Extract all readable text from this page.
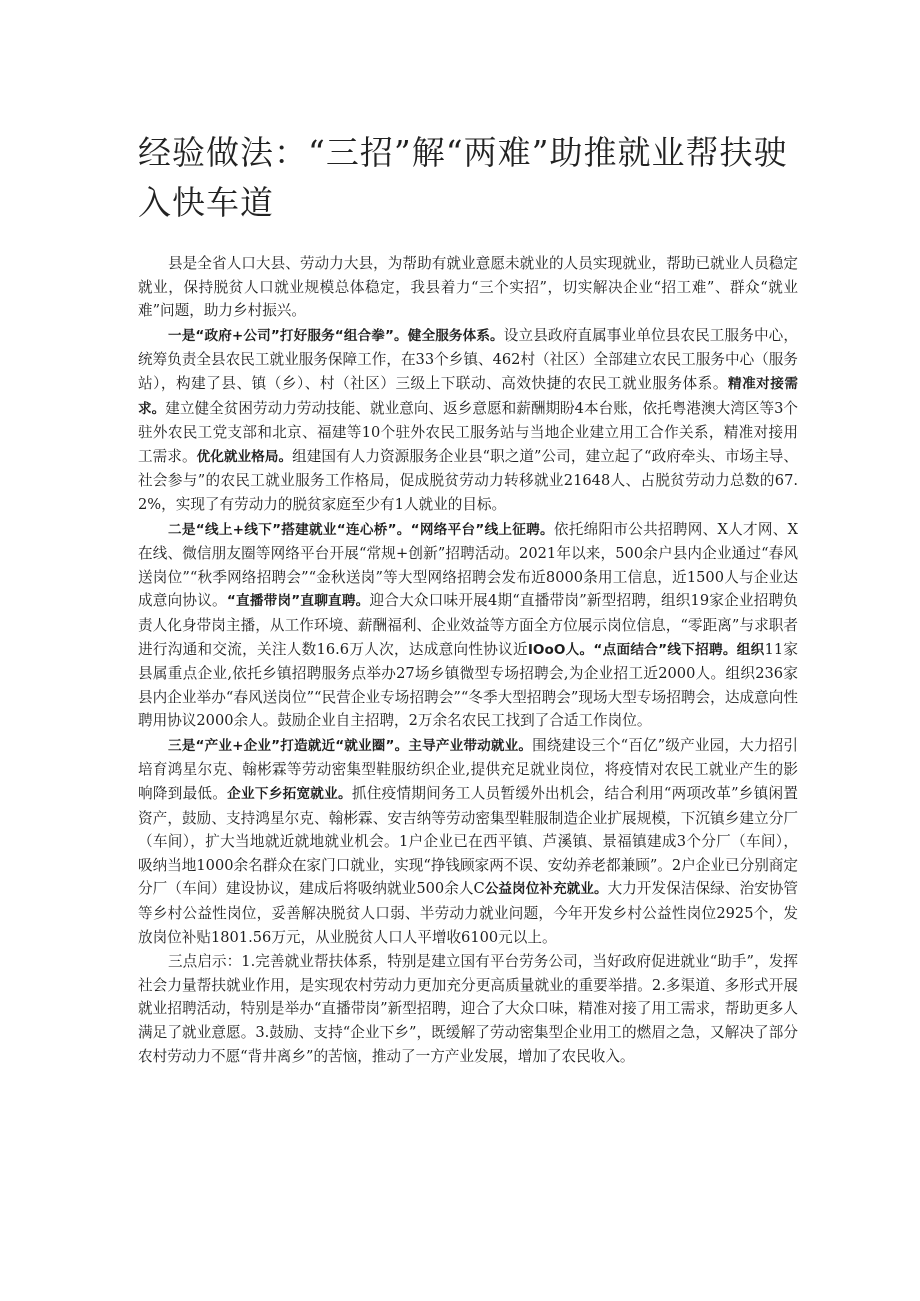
经验做法：“三招”解“两难”助推就业帮扶驶入快车道

县是全省人口大县、劳动力大县，为帮助有就业意愿未就业的人员实现就业，帮助已就业人员稳定就业，保持脱贫人口就业规模总体稳定，我县着力“三个实招”，切实解决企业“招工难”、群众“就业难”问题，助力乡村振兴。

一是“政府+公司”打好服务“组合拳”。健全服务体系。设立县政府直属事业单位县农民工服务中心，统筹负责全县农民工就业服务保障工作，在33个乡镇、462村（社区）全部建立农民工服务中心（服务站），构建了县、镇（乡）、村（社区）三级上下联动、高效快捷的农民工就业服务体系。精准对接需求。建立健全贫困劳动力劳动技能、就业意向、返乡意愿和薪酬期盼4本台账，依托粤港澳大湾区等3个驻外农民工党支部和北京、福建等10个驻外农民工服务站与当地企业建立用工合作关系，精准对接用工需求。优化就业格局。组建国有人力资源服务企业县“职之道”公司，建立起了“政府牵头、市场主导、社会参与”的农民工就业服务工作格局，促成脱贫劳动力转移就业21648人、占脱贫劳动力总数的67.2%，实现了有劳动力的脱贫家庭至少有1人就业的目标。

二是“线上+线下”搭建就业“连心桥”。“网络平台”线上征聘。依托绵阳市公共招聘网、X人才网、X在线、微信朋友圈等网络平台开展“常规+创新”招聘活动。2021年以来，500余户县内企业通过“春风送岗位”“秋季网络招聘会”“金秋送岗”等大型网络招聘会发布近8000条用工信息，近1500人与企业达成意向协议。“直播带岗”直聊直聘。迎合大众口味开展4期“直播带岗”新型招聘，组织19家企业招聘负责人化身带岗主播，从工作环境、薪酬福利、企业效益等方面全方位展示岗位信息，“零距离”与求职者进行沟通和交流，关注人数16.6万人次，达成意向性协议近IOoO人。“点面结合”线下招聘。组织11家县属重点企业,依托乡镇招聘服务点举办27场乡镇微型专场招聘会,为企业招工近2000人。组织236家县内企业举办“春风送岗位”“民营企业专场招聘会”“冬季大型招聘会”现场大型专场招聘会，达成意向性聘用协议2000余人。鼓励企业自主招聘，2万余名农民工找到了合适工作岗位。

三是“产业+企业”打造就近“就业圈”。主导产业带动就业。围绕建设三个“百亿”级产业园，大力招引培育鸿星尔克、翰彬霖等劳动密集型鞋服纺织企业,提供充足就业岗位，将疫情对农民工就业产生的影响降到最低。企业下乡拓宽就业。抓住疫情期间务工人员暂缓外出机会，结合利用“两项改革”乡镇闲置资产，鼓励、支持鸿星尔克、翰彬霖、安吉纳等劳动密集型鞋服制造企业扩展规模，下沉镇乡建立分厂（车间），扩大当地就近就地就业机会。1户企业已在西平镇、芦溪镇、景福镇建成3个分厂（车间），吸纳当地1000余名群众在家门口就业，实现“挣钱顾家两不误、安幼养老都兼顾”。2户企业已分别商定分厂（车间）建设协议，建成后将吸纳就业500余人C公益岗位补充就业。大力开发保洁保绿、治安协管等乡村公益性岗位，妥善解决脱贫人口弱、半劳动力就业问题，今年开发乡村公益性岗位2925个，发放岗位补贴1801.56万元，从业脱贫人口人平增收6100元以上。

三点启示：1.完善就业帮扶体系，特别是建立国有平台劳务公司，当好政府促进就业“助手”，发挥社会力量帮扶就业作用，是实现农村劳动力更加充分更高质量就业的重要举措。2.多渠道、多形式开展就业招聘活动，特别是举办“直播带岗”新型招聘，迎合了大众口味，精准对接了用工需求，帮助更多人满足了就业意愿。3.鼓励、支持“企业下乡”，既缓解了劳动密集型企业用工的燃眉之急，又解决了部分农村劳动力不愿“背井离乡”的苦恼，推动了一方产业发展，增加了农民收入。
